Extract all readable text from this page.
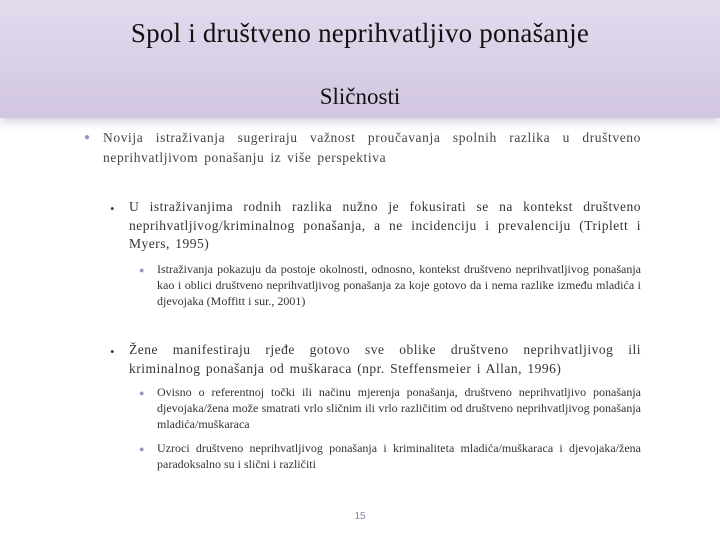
Spol i društveno neprihvatljivo ponašanje
Sličnosti
● Novija istraživanja sugeriraju važnost proučavanja spolnih razlika u društveno neprihvatljivom ponašanju iz više perspektiva

• U istraživanjima rodnih razlika nužno je fokusirati se na kontekst društveno neprihvatljivog/kriminalnog ponašanja, a ne incidenciju i prevalenciju (Triplett i Myers, 1995)

● Istraživanja pokazuju da postoje okolnosti, odnosno, kontekst društveno neprihvatljivog ponašanja kao i oblici društveno neprihvatljivog ponašanja za koje gotovo da i nema razlike između mladića i djevojaka (Moffitt i sur., 2001)

• Žene manifestiraju rjeđe gotovo sve oblike društveno neprihvatljivog ili kriminalnog ponašanja od muškaraca (npr. Steffensmeier i Allan, 1996)

● Ovisno o referentnoj točki ili načinu mjerenja ponašanja, društveno neprihvatljivo ponašanja djevojaka/žena može smatrati vrlo sličnim ili vrlo različitim od društveno neprihvatljivog ponašanja mladića/muškaraca

● Uzroci društveno neprihvatljivog ponašanja i kriminaliteta mladića/muškaraca i djevojaka/žena paradoksalno su i slični i različiti

15
